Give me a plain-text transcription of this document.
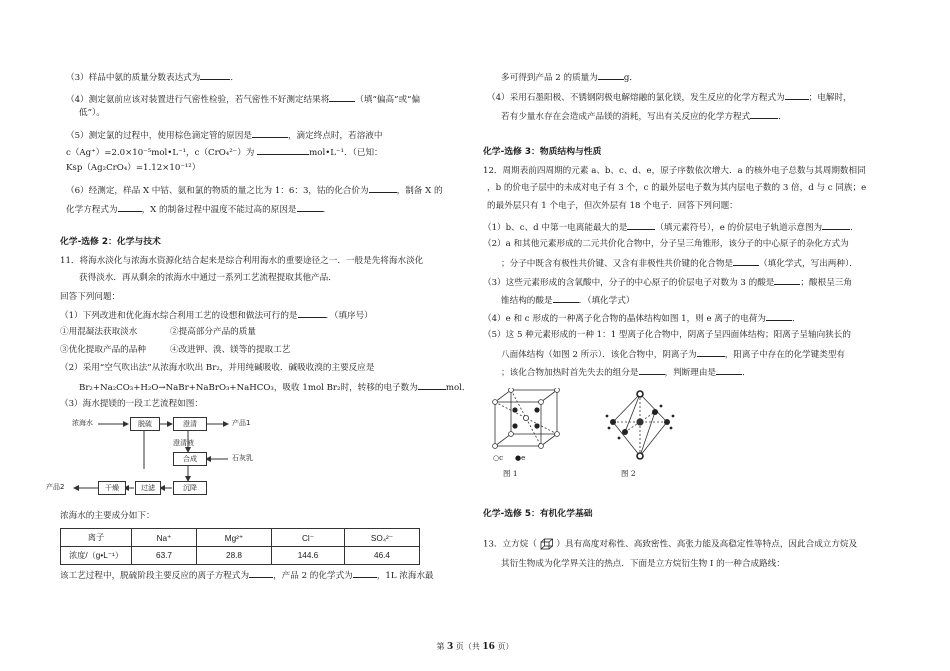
（3）样品中氨的质量分数表达式为	．
（4）测定氨前应该对装置进行气密性检验，若气密性不好测定结果将	（填“偏高”或“偏
低”）。
（5）测定氯的过程中，使用棕色滴定管的原因是	，滴定终点时，若溶液中
c（Ag⁺）=2.0×10⁻⁵mol•L⁻¹，c（CrO₄²⁻）为	mol•L⁻¹．（已知：
Ksp（Ag₂CrO₄）=1.12×10⁻¹²）
（6）经测定，样品 X 中钴、氨和氯的物质的量之比为 1：6：3，钴的化合价为	，制备 X 的
化学方程式为	，X 的制备过程中温度不能过高的原因是	．
化学-选修 2：化学与技术
11．将海水淡化与浓海水资源化结合起来是综合利用海水的重要途径之一．一般是先将海水淡化
获得淡水．再从剩余的浓海水中通过一系列工艺流程提取其他产品．
回答下列问题：
（1）下列改进和优化海水综合利用工艺的设想和做法可行的是	．（填序号）
①用混凝法获取淡水	②提高部分产品的质量
③优化提取产品的品种	④改进钾、溴、镁等的提取工艺
（2）采用“空气吹出法”从浓海水吹出 Br₂，并用纯碱吸收．碱吸收溴的主要反应是
Br₂+Na₂CO₃+H₂O→NaBr+NaBrO₃+NaHCO₃，吸收 1mol Br₂时，转移的电子数为	mol．
（3）海水提镁的一段工艺流程如图：
浓海水	脱硫	澄清	产品1
澄清液
合成	石灰乳
沉降
过滤
干燥
产品2
浓海水的主要成分如下：
离子	Na⁺	Mg²⁺	Cl⁻	SO₄²⁻
浓度/（g•L⁻¹）	63.7	28.8	144.6	46.4
该工艺过程中，脱硫阶段主要反应的离子方程式为	，产品 2 的化学式为	，1L 浓海水最
多可得到产品 2 的质量为	g．
（4）采用石墨阳极、不锈钢阴极电解熔融的氯化镁，发生反应的化学方程式为	；电解时，
若有少量水存在会造成产品镁的消耗，写出有关反应的化学方程式	．
化学-选修 3：物质结构与性质
12．周期表前四周期的元素 a、b、c、d、e，原子序数依次增大．a 的核外电子总数与其周期数相同
，b 的价电子层中的未成对电子有 3 个，c 的最外层电子数为其内层电子数的 3 倍，d 与 c 同族；e
的最外层只有 1 个电子，但次外层有 18 个电子．回答下列问题：
（1）b、c、d 中第一电离能最大的是	（填元素符号），e 的价层电子轨道示意图为	．
（2）a 和其他元素形成的二元共价化合物中，分子呈三角锥形，该分子的中心原子的杂化方式为
；分子中既含有极性共价键、又含有非极性共价键的化合物是	（填化学式，写出两种）．
（3）这些元素形成的含氧酸中，分子的中心原子的价层电子对数为 3 的酸是	；酸根呈三角
锥结构的酸是	．（填化学式）
（4）e 和 c 形成的一种离子化合物的晶体结构如图 1，则 e 离子的电荷为	．
（5）这 5 种元素形成的一种 1：1 型离子化合物中，阴离子呈四面体结构；阳离子呈轴向狭长的
八面体结构（如图 2 所示）．该化合物中，阴离子为	，阳离子中存在的化学键类型有
；该化合物加热时首先失去的组分是	，判断理由是	．
○c ●e
图 1	图 2
化学-选修 5：有机化学基础
13．立方烷（ ）具有高度对称性、高致密性、高张力能及高稳定性等特点，因此合成立方烷及
其衍生物成为化学界关注的热点．下面是立方烷衍生物 I 的一种合成路线：
第 3 页（共 16 页）
